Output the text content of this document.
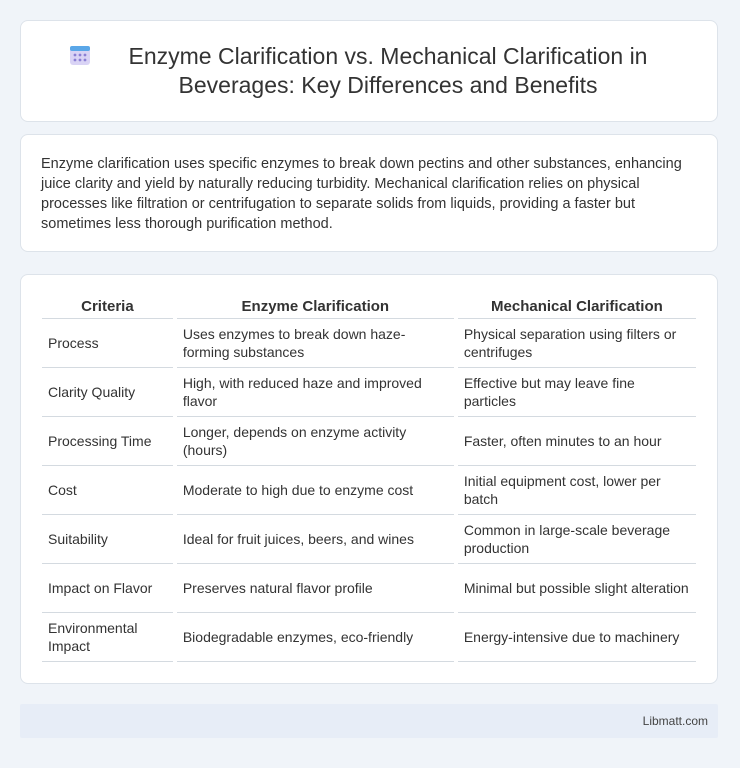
Enzyme Clarification vs. Mechanical Clarification in Beverages: Key Differences and Benefits

Enzyme clarification uses specific enzymes to break down pectins and other substances, enhancing juice clarity and yield by naturally reducing turbidity. Mechanical clarification relies on physical processes like filtration or centrifugation to separate solids from liquids, providing a faster but sometimes less thorough purification method.

Criteria	Enzyme Clarification	Mechanical Clarification
Process	Uses enzymes to break down haze-forming substances	Physical separation using filters or centrifuges
Clarity Quality	High, with reduced haze and improved flavor	Effective but may leave fine particles
Processing Time	Longer, depends on enzyme activity (hours)	Faster, often minutes to an hour
Cost	Moderate to high due to enzyme cost	Initial equipment cost, lower per batch
Suitability	Ideal for fruit juices, beers, and wines	Common in large-scale beverage production
Impact on Flavor	Preserves natural flavor profile	Minimal but possible slight alteration
Environmental Impact	Biodegradable enzymes, eco-friendly	Energy-intensive due to machinery
Libmatt.com
